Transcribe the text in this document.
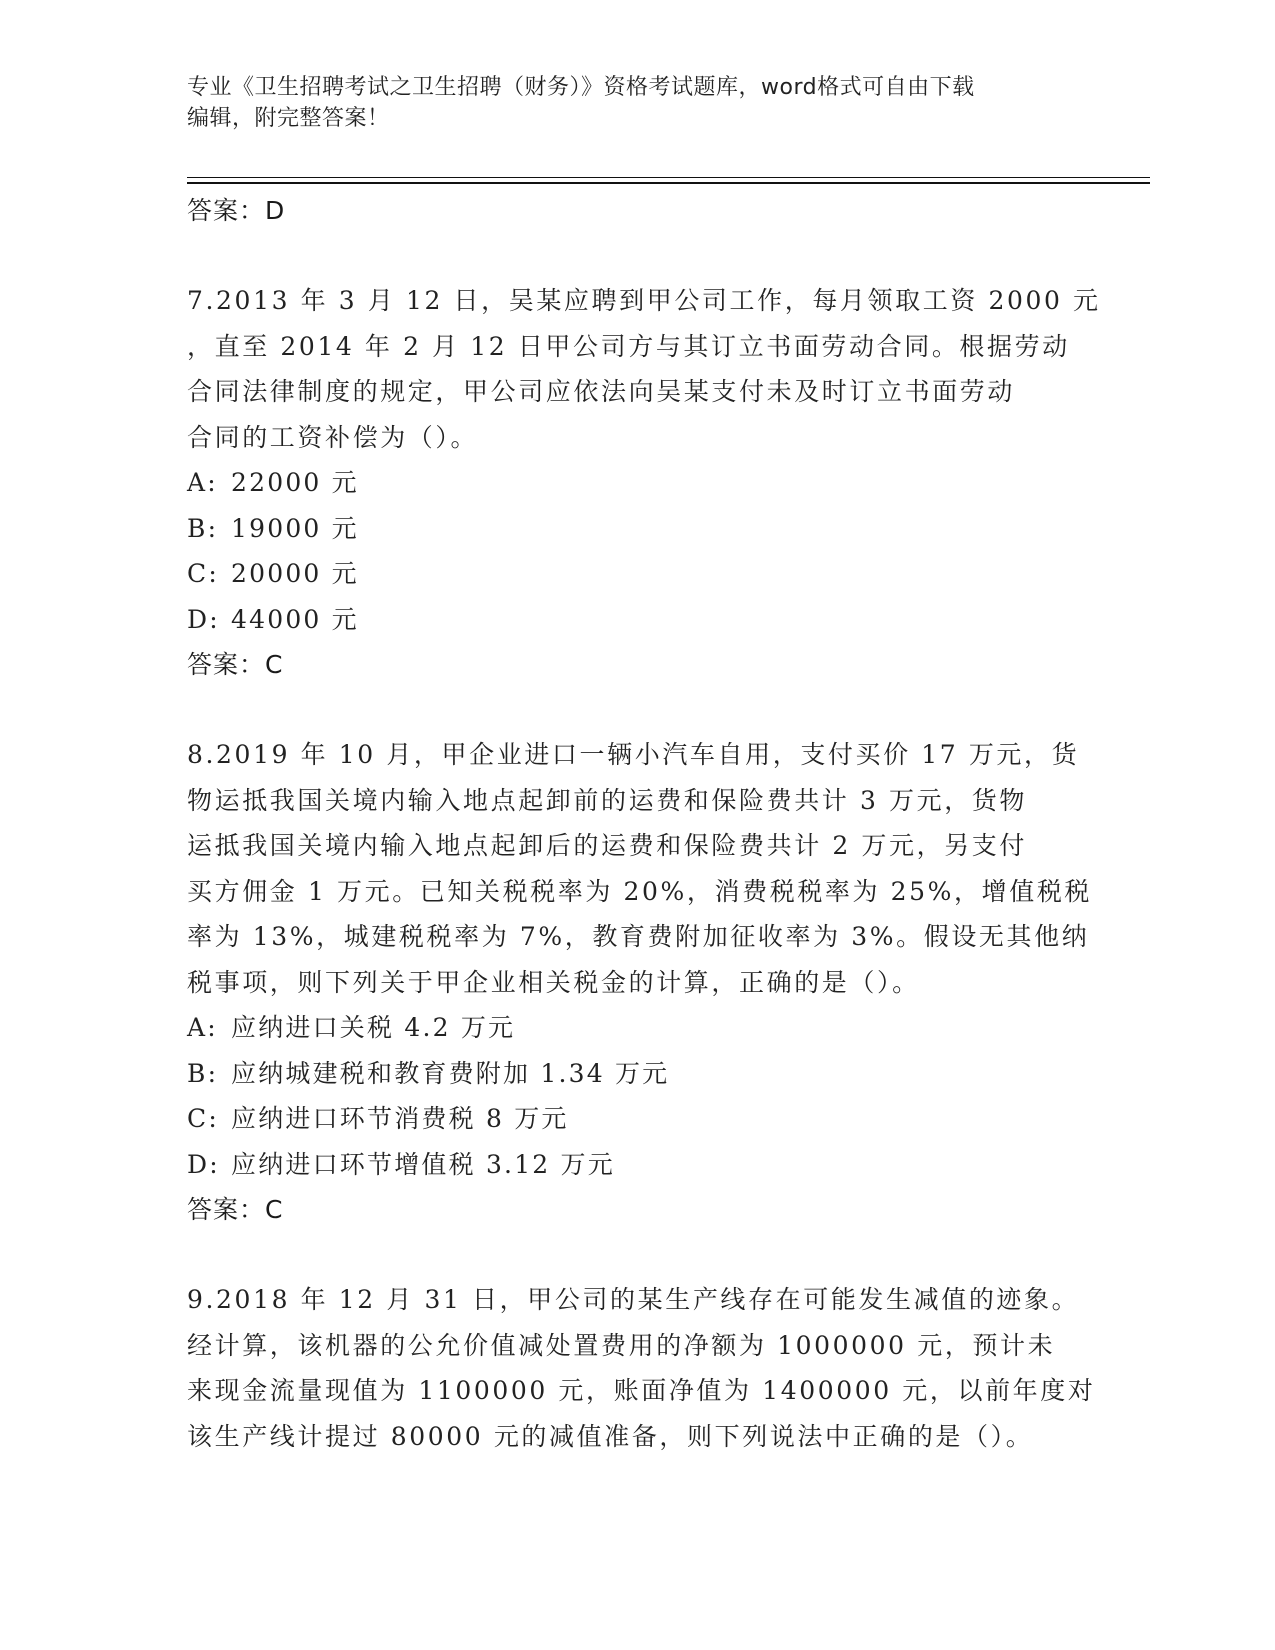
专业《卫生招聘考试之卫生招聘（财务）》资格考试题库，word格式可自由下载
编辑，附完整答案！
答案：D
7.2013 年 3 月 12 日，吴某应聘到甲公司工作，每月领取工资 2000 元
，直至 2014 年 2 月 12 日甲公司方与其订立书面劳动合同。根据劳动
合同法律制度的规定，甲公司应依法向吴某支付未及时订立书面劳动
合同的工资补偿为（）。
A: 22000 元
B: 19000 元
C: 20000 元
D: 44000 元
答案：C
8.2019 年 10 月，甲企业进口一辆小汽车自用，支付买价 17 万元，货
物运抵我国关境内输入地点起卸前的运费和保险费共计 3 万元，货物
运抵我国关境内输入地点起卸后的运费和保险费共计 2 万元，另支付
买方佣金 1 万元。已知关税税率为 20%，消费税税率为 25%，增值税税
率为 13%，城建税税率为 7%，教育费附加征收率为 3%。假设无其他纳
税事项，则下列关于甲企业相关税金的计算，正确的是（）。
A: 应纳进口关税 4.2 万元
B: 应纳城建税和教育费附加 1.34 万元
C: 应纳进口环节消费税 8 万元
D: 应纳进口环节增值税 3.12 万元
答案：C
9.2018 年 12 月 31 日，甲公司的某生产线存在可能发生减值的迹象。
经计算，该机器的公允价值减处置费用的净额为 1000000 元，预计未
来现金流量现值为 1100000 元，账面净值为 1400000 元，以前年度对
该生产线计提过 80000 元的减值准备，则下列说法中正确的是（）。
